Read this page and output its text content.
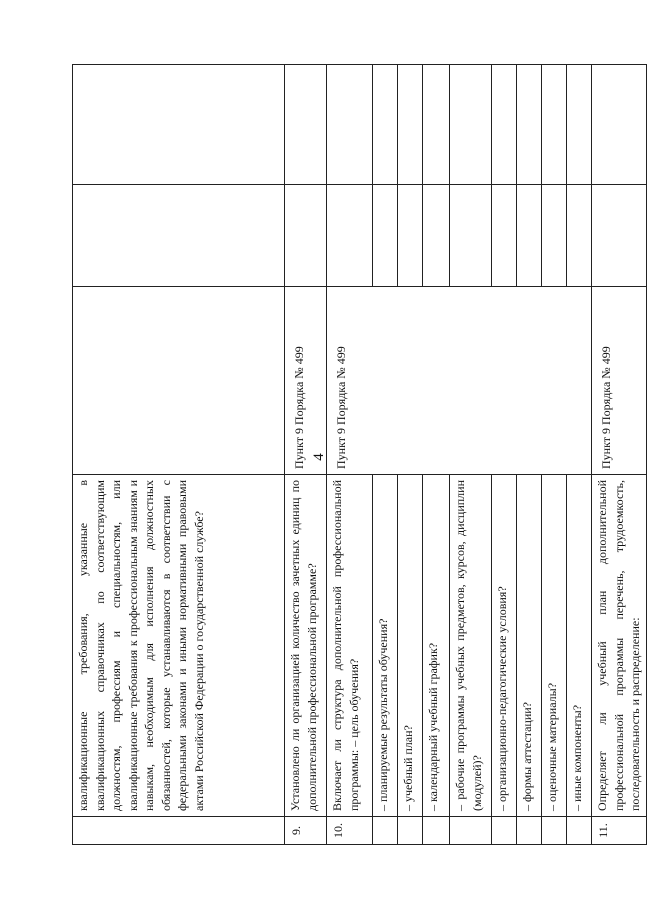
4
	квалификационные требования, указанные в квалификационных справочниках по соответствующим должностям, профессиям и специальностям, или квалификационные требования к профессиональным знаниям и навыкам, необходимым для исполнения должностных обязанностей, которые устанавливаются в соответствии с федеральными законами и иными нормативными правовыми актами Российской Федерации о государственной службе?			
9.	Установлено ли организацией количество зачетных единиц по дополнительной профессиональной программе?	Пункт 9 Порядка № 499		
10.	Включает ли структура дополнительной профессиональной программы: – цель обучения?	Пункт 9 Порядка № 499		
	– планируемые результаты обучения?			
	– учебный план?			
	– календарный учебный график?			
	– рабочие программы учебных предметов, курсов, дисциплин (модулей)?			
	– организационно-педагогические условия?			
	– формы аттестации?			
	– оценочные материалы?			
	– иные компоненты?			
11.	Определяет ли учебный план дополнительной профессиональной программы перечень, трудоемкость, последовательность и распределение:	Пункт 9 Порядка № 499		
